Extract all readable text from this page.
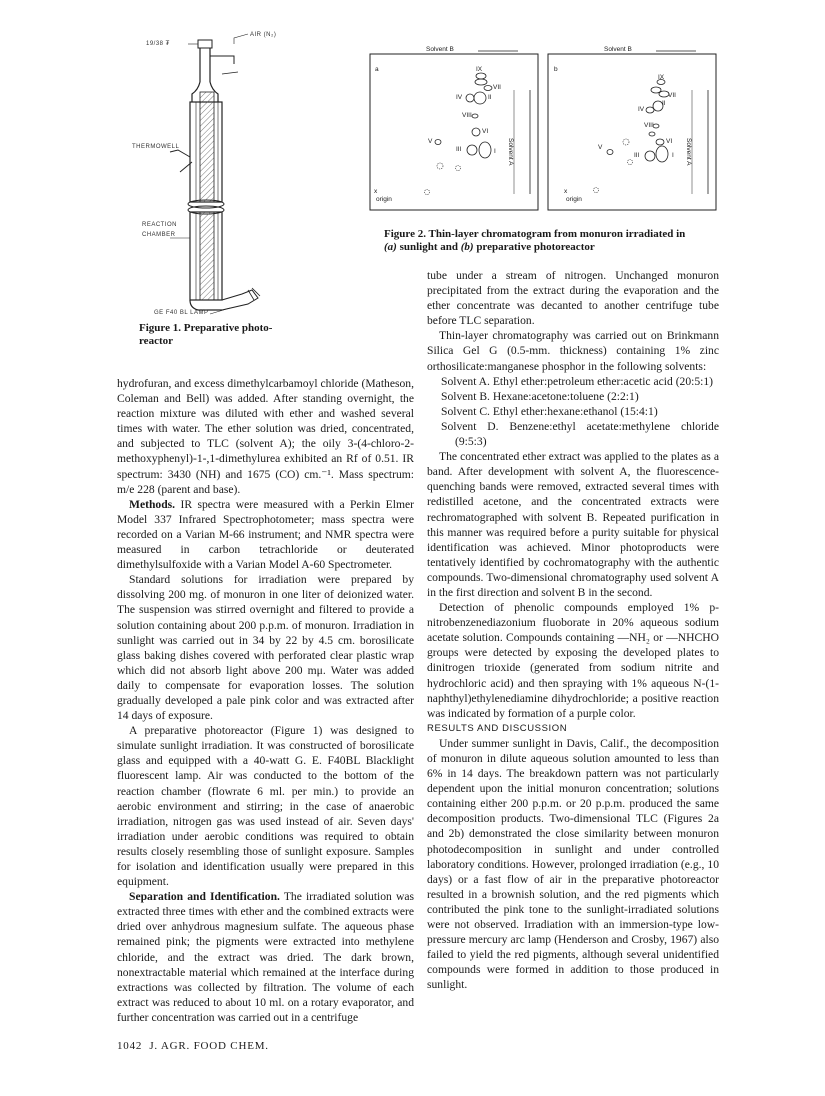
19/38 ₮
AIR (N₂)
THERMOWELL
REACTION
CHAMBER
GE F40 BL LAMP
Figure 1. Preparative photo-reactor
Solvent B
a	IX
VII
IV	II
VIII
VI
V
III	I
x
origin
Solvent A
Solvent B
b
IX
VII
IV
II
VIII
VI
V
III	I
x
origin
Solvent A
Figure 2. Thin-layer chromatogram from monuron irradiated in
(a) sunlight and (b) preparative photoreactor

hydrofuran, and excess dimethylcarbamoyl chloride (Matheson, Coleman and Bell) was added. After standing overnight, the reaction mixture was diluted with ether and washed several times with water. The ether solution was dried, concentrated, and subjected to TLC (solvent A); the oily 3-(4-chloro-2-methoxyphenyl)-1-,1-dimethylurea exhibited an Rf of 0.51. IR spectrum: 3430 (NH) and 1675 (CO) cm.⁻¹. Mass spectrum: m/e 228 (parent and base).

Methods. IR spectra were measured with a Perkin Elmer Model 337 Infrared Spectrophotometer; mass spectra were recorded on a Varian M-66 instrument; and NMR spectra were measured in carbon tetrachloride or deuterated dimethylsulfoxide with a Varian Model A-60 Spectrometer.

Standard solutions for irradiation were prepared by dissolving 200 mg. of monuron in one liter of deionized water. The suspension was stirred overnight and filtered to provide a solution containing about 200 p.p.m. of monuron. Irradiation in sunlight was carried out in 34 by 22 by 4.5 cm. borosilicate glass baking dishes covered with perforated clear plastic wrap which did not absorb light above 200 mμ. Water was added daily to compensate for evaporation losses. The solution gradually developed a pale pink color and was extracted after 14 days of exposure.

A preparative photoreactor (Figure 1) was designed to simulate sunlight irradiation. It was constructed of borosilicate glass and equipped with a 40-watt G. E. F40BL Blacklight fluorescent lamp. Air was conducted to the bottom of the reaction chamber (flowrate 6 ml. per min.) to provide an aerobic environment and stirring; in the case of anaerobic irradiation, nitrogen gas was used instead of air. Seven days' irradiation under aerobic conditions was required to obtain results closely resembling those of sunlight exposure. Samples for isolation and identification usually were prepared in this equipment.

Separation and Identification. The irradiated solution was extracted three times with ether and the combined extracts were dried over anhydrous magnesium sulfate. The aqueous phase remained pink; the pigments were extracted into methylene chloride, and the extract was dried. The dark brown, nonextractable material which remained at the interface during extractions was collected by filtration. The volume of each extract was reduced to about 10 ml. on a rotary evaporator, and further concentration was carried out in a centrifuge

tube under a stream of nitrogen. Unchanged monuron precipitated from the extract during the evaporation and the ether concentrate was decanted to another centrifuge tube before TLC separation.

Thin-layer chromatography was carried out on Brinkmann Silica Gel G (0.5-mm. thickness) containing 1% zinc orthosilicate:manganese phosphor in the following solvents:

Solvent A. Ethyl ether:petroleum ether:acetic acid (20:5:1)

Solvent B. Hexane:acetone:toluene (2:2:1)

Solvent C. Ethyl ether:hexane:ethanol (15:4:1)

Solvent D. Benzene:ethyl acetate:methylene chloride (9:5:3)

The concentrated ether extract was applied to the plates as a band. After development with solvent A, the fluorescence-quenching bands were removed, extracted several times with redistilled acetone, and the concentrated extracts were rechromatographed with solvent B. Repeated purification in this manner was required before a purity suitable for physical identification was achieved. Minor photoproducts were tentatively identified by cochromatography with the authentic compounds. Two-dimensional chromatography used solvent A in the first direction and solvent B in the second.

Detection of phenolic compounds employed 1% p-nitrobenzenediazonium fluoborate in 20% aqueous sodium acetate solution. Compounds containing —NH₂ or —NHCHO groups were detected by exposing the developed plates to dinitrogen trioxide (generated from sodium nitrite and hydrochloric acid) and then spraying with 1% aqueous N-(1-naphthyl)ethylenediamine dihydrochloride; a positive reaction was indicated by formation of a purple color.

RESULTS AND DISCUSSION

Under summer sunlight in Davis, Calif., the decomposition of monuron in dilute aqueous solution amounted to less than 6% in 14 days. The breakdown pattern was not particularly dependent upon the initial monuron concentration; solutions containing either 200 p.p.m. or 20 p.p.m. produced the same decomposition products. Two-dimensional TLC (Figures 2a and 2b) demonstrated the close similarity between monuron photodecomposition in sunlight and under controlled laboratory conditions. However, prolonged irradiation (e.g., 10 days) or a fast flow of air in the preparative photoreactor resulted in a brownish solution, and the red pigments which contributed the pink tone to the sunlight-irradiated solutions were not observed. Irradiation with an immersion-type low-pressure mercury arc lamp (Henderson and Crosby, 1967) also failed to yield the red pigments, although several unidentified compounds were formed in addition to those produced in sunlight.

1042 J. AGR. FOOD CHEM.
